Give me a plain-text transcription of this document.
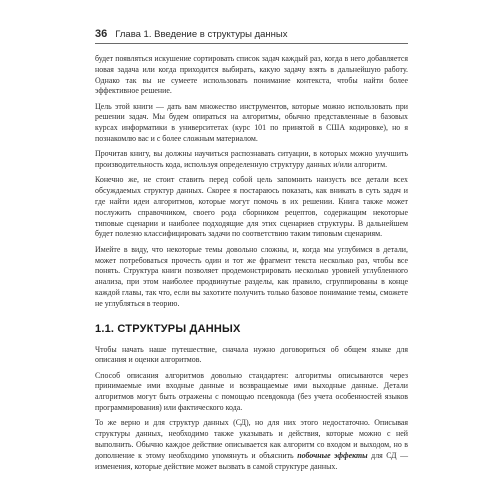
36 Глава 1. Введение в структуры данных

будет появляться искушение сортировать список задач каждый раз, когда в него добавляется новая задача или когда приходится выбирать, какую задачу взять в дальнейшую работу. Однако так вы не сумеете использовать понимание контекста, чтобы найти более эффективное решение.

Цель этой книги — дать вам множество инструментов, которые можно использовать при решении задач. Мы будем опираться на алгоритмы, обычно представленные в базовых курсах информатики в университетах (курс 101 по принятой в США кодировке), но я познакомлю вас и с более сложным материалом.

Прочитав книгу, вы должны научиться распознавать ситуации, в которых можно улучшить производительность кода, используя определенную структуру данных и/или алгоритм.

Конечно же, не стоит ставить перед собой цель запомнить наизусть все детали всех обсуждаемых структур данных. Скорее я постараюсь показать, как вникать в суть задач и где найти идеи алгоритмов, которые могут помочь в их решении. Книга также может послужить справочником, своего рода сборником рецептов, содержащим некоторые типовые сценарии и наиболее подходящие для этих сценариев структуры. В дальнейшем будет полезно классифицировать задачи по соответствию таким типовым сценариям.

Имейте в виду, что некоторые темы довольно сложны, и, когда мы углубимся в детали, может потребоваться прочесть один и тот же фрагмент текста несколько раз, чтобы все понять. Структура книги позволяет продемонстрировать несколько уровней углубленного анализа, при этом наиболее продвинутые разделы, как правило, сгруппированы в конце каждой главы, так что, если вы захотите получить только базовое понимание темы, сможете не углубляться в теорию.

1.1. СТРУКТУРЫ ДАННЫХ

Чтобы начать наше путешествие, сначала нужно договориться об общем языке для описания и оценки алгоритмов.

Способ описания алгоритмов довольно стандартен: алгоритмы описываются через принимаемые ими входные данные и возвращаемые ими выходные данные. Детали алгоритмов могут быть отражены с помощью псевдокода (без учета особенностей языков программирования) или фактического кода.

То же верно и для структур данных (СД), но для них этого недостаточно. Описывая структуры данных, необходимо также указывать и действия, которые можно с ней выполнить. Обычно каждое действие описывается как алгоритм со входом и выходом, но в дополнение к этому необходимо упомянуть и объяснить побочные эффекты для СД — изменения, которые действие может вызвать в самой структуре данных.
